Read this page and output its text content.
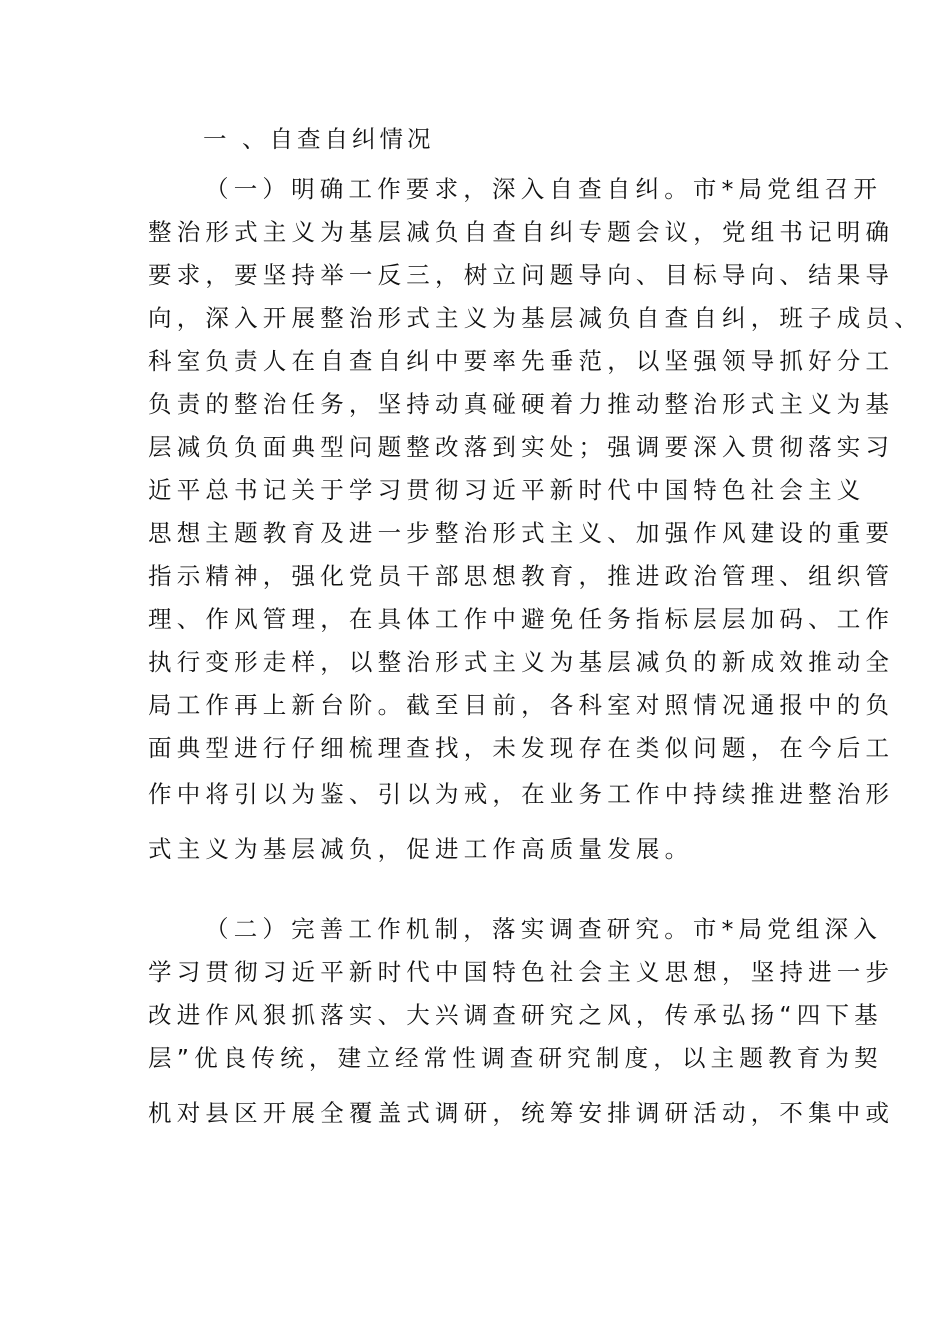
一 、自查自纠情况
（一）明确工作要求，深入自查自纠。市*局党组召开
整治形式主义为基层减负自查自纠专题会议，党组书记明确
要求，要坚持举一反三，树立问题导向、目标导向、结果导
向，深入开展整治形式主义为基层减负自查自纠，班子成员、
科室负责人在自查自纠中要率先垂范，以坚强领导抓好分工
负责的整治任务，坚持动真碰硬着力推动整治形式主义为基
层减负负面典型问题整改落到实处；强调要深入贯彻落实习
近平总书记关于学习贯彻习近平新时代中国特色社会主义
思想主题教育及进一步整治形式主义、加强作风建设的重要
指示精神，强化党员干部思想教育，推进政治管理、组织管
理、作风管理，在具体工作中避免任务指标层层加码、工作
执行变形走样，以整治形式主义为基层减负的新成效推动全
局工作再上新台阶。截至目前，各科室对照情况通报中的负
面典型进行仔细梳理查找，未发现存在类似问题，在今后工
作中将引以为鉴、引以为戒，在业务工作中持续推进整治形
式主义为基层减负，促进工作高质量发展。
（二）完善工作机制，落实调查研究。市*局党组深入
学习贯彻习近平新时代中国特色社会主义思想，坚持进一步
改进作风狠抓落实、大兴调查研究之风，传承弘扬“四下基
层”优良传统，建立经常性调查研究制度，以主题教育为契
机对县区开展全覆盖式调研，统筹安排调研活动，不集中或
